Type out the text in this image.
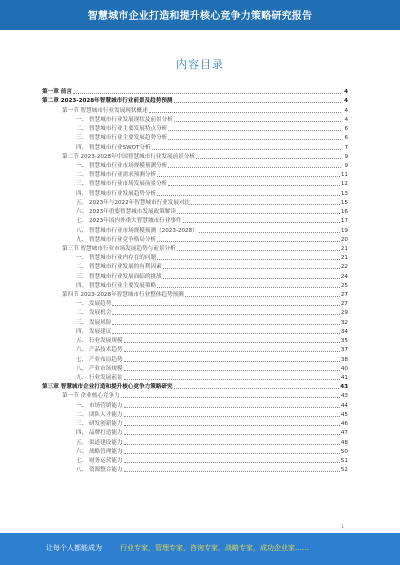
智慧城市企业打造和提升核心竞争力策略研究报告
内容目录
第一章 前言	4
第二章 2023-2028年智慧城市行业前景及趋势预测	4
第一节 智慧城市行业发展现状概述	4
一、 智慧城市行业发展现状及前景分析	4
二、 智慧城市行业主要发展特点分析	6
三、 智慧城市行业主要发展趋势分析	6
四、 智慧城市行业SWOT分析	7
第二节 2023-2028年中国智慧城市行业发展前景分析	9
一、 智慧城市行业市场规模预测分析	9
二、 智慧城市行业需求预测分析	11
三、 智慧城市行业市场发展前景分析	12
四、 智慧城市行业发展趋势分析	13
五、 2023年与2022年智慧城市行业发展对比	15
六、 2023年重要智慧城市发展政策解读	16
七、 2023年国内外重大智慧城市行业事件	17
八、 智慧城市行业市场规模预测（2023-2028）	19
九、 智慧城市行业竞争格局分析	20
第三节 智慧城市行业市场发展趋势与前景分析	21
一、 智慧城市行业内存在的问题	21
二、 智慧城市行业发展的有利因素	22
三、 智慧城市行业发展面临的挑战	24
四、 智慧城市行业主要发展策略	25
第四节 2023-2028年智慧城市行业整体趋势预测	27
一、 发展趋势	27
二、 发展机会	29
三、 发展风险	32
四、 发展建议	34
五、 行业发展规模	35
六、 产品技术趋势	37
七、 产业布局趋势	38
八、 产业市场规模	40
九、 行业发展前景	41
第三章 智慧城市企业打造和提升核心竞争力策略研究	43
第一节 企业核心竞争力	43
一、 市场营销能力	44
二、 团队人才能力	45
三、 研发创新能力	46
四、 品牌打造能力	47
五、 渠道建设能力	48
六、 战略管理能力	50
七、 财务运营能力	51
八、 资源整合能力	52
1
让每个人都能成为	行业专家，管理专家，咨询专家，战略专家，成功企业家……
